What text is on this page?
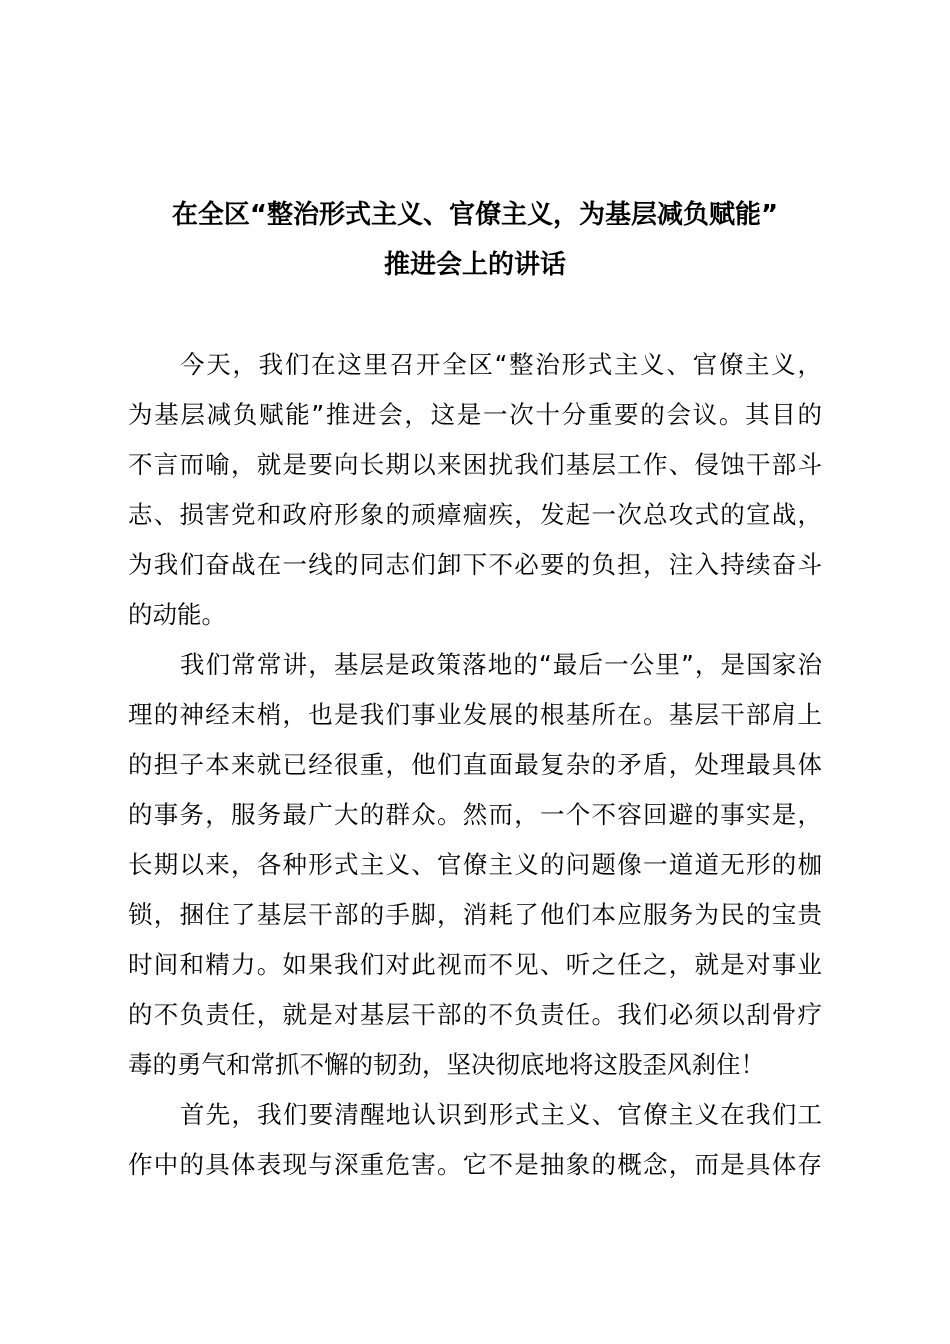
在全区“整治形式主义、官僚主义，为基层减负赋能”
推进会上的讲话
今天，我们在这里召开全区“整治形式主义、官僚主义，
为基层减负赋能”推进会，这是一次十分重要的会议。其目的
不言而喻，就是要向长期以来困扰我们基层工作、侵蚀干部斗
志、损害党和政府形象的顽瘴痼疾，发起一次总攻式的宣战，
为我们奋战在一线的同志们卸下不必要的负担，注入持续奋斗
的动能。
我们常常讲，基层是政策落地的“最后一公里”，是国家治
理的神经末梢，也是我们事业发展的根基所在。基层干部肩上
的担子本来就已经很重，他们直面最复杂的矛盾，处理最具体
的事务，服务最广大的群众。然而，一个不容回避的事实是，
长期以来，各种形式主义、官僚主义的问题像一道道无形的枷
锁，捆住了基层干部的手脚，消耗了他们本应服务为民的宝贵
时间和精力。如果我们对此视而不见、听之任之，就是对事业
的不负责任，就是对基层干部的不负责任。我们必须以刮骨疗
毒的勇气和常抓不懈的韧劲，坚决彻底地将这股歪风刹住！
首先，我们要清醒地认识到形式主义、官僚主义在我们工
作中的具体表现与深重危害。它不是抽象的概念，而是具体存
